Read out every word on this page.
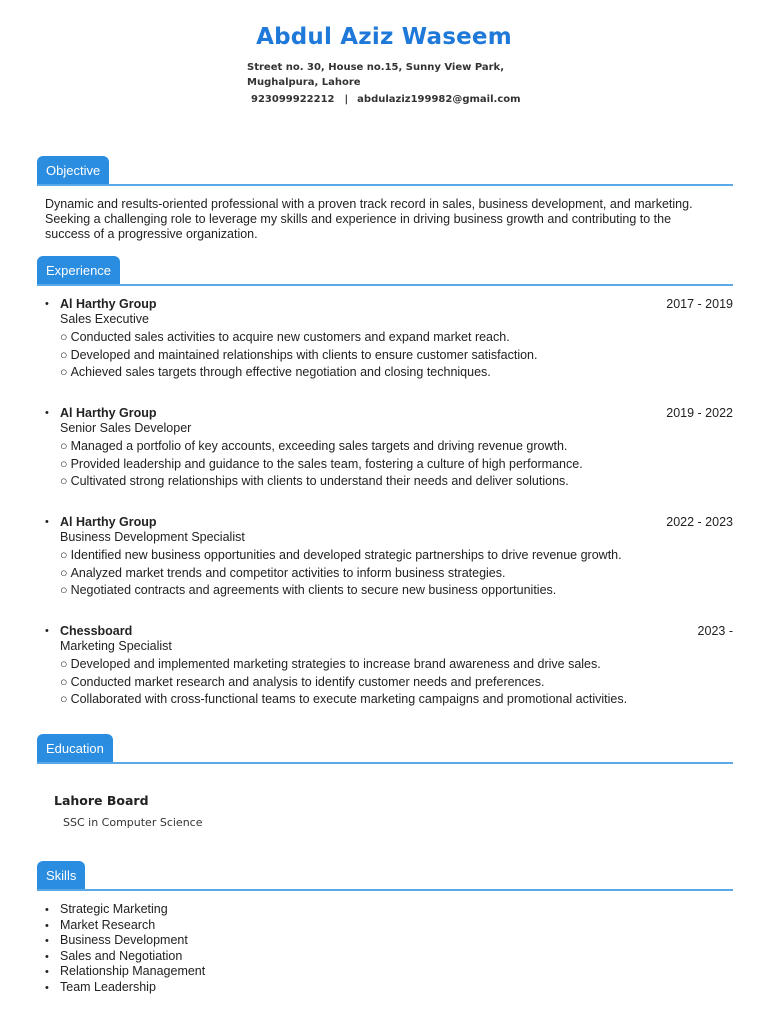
Abdul Aziz Waseem
Street no. 30, House no.15, Sunny View Park, Mughalpura, Lahore
923099922212 | abdulaziz199982@gmail.com
Objective
Dynamic and results-oriented professional with a proven track record in sales, business development, and marketing. Seeking a challenging role to leverage my skills and experience in driving business growth and contributing to the success of a progressive organization.
Experience
• Al Harthy Group	2017 - 2019
Sales Executive
○ Conducted sales activities to acquire new customers and expand market reach.
○ Developed and maintained relationships with clients to ensure customer satisfaction.
○ Achieved sales targets through effective negotiation and closing techniques.
• Al Harthy Group	2019 - 2022
Senior Sales Developer
○ Managed a portfolio of key accounts, exceeding sales targets and driving revenue growth.
○ Provided leadership and guidance to the sales team, fostering a culture of high performance.
○ Cultivated strong relationships with clients to understand their needs and deliver solutions.
• Al Harthy Group	2022 - 2023
Business Development Specialist
○ Identified new business opportunities and developed strategic partnerships to drive revenue growth.
○ Analyzed market trends and competitor activities to inform business strategies.
○ Negotiated contracts and agreements with clients to secure new business opportunities.
• Chessboard	2023 -
Marketing Specialist
○ Developed and implemented marketing strategies to increase brand awareness and drive sales.
○ Conducted market research and analysis to identify customer needs and preferences.
○ Collaborated with cross-functional teams to execute marketing campaigns and promotional activities.
Education
Lahore Board
SSC in Computer Science
Skills
• Strategic Marketing
• Market Research
• Business Development
• Sales and Negotiation
• Relationship Management
• Team Leadership
